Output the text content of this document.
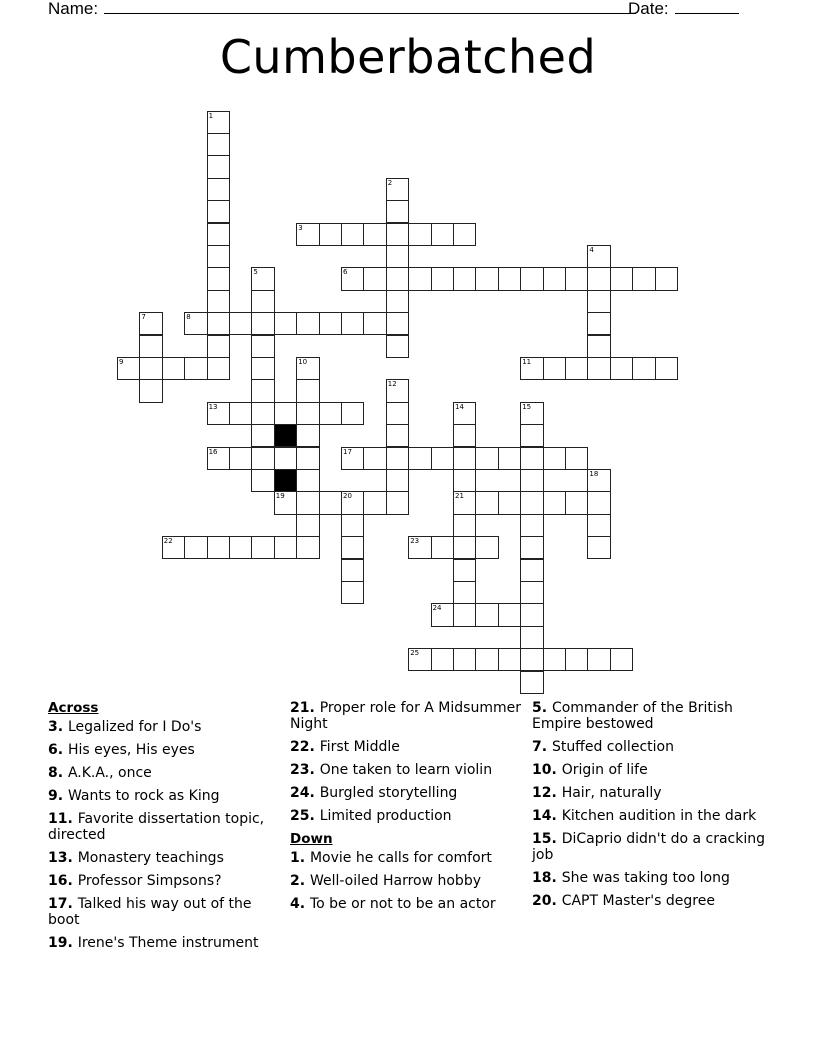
Name:	Date:
Cumberbatched
1
2
3
4
5	6
7	8
9	10	11
12
13	14
21
15
16	17
18
19	20
22	23
24
25
Across
3. Legalized for I Do's
6. His eyes, His eyes
8. A.K.A., once
9. Wants to rock as King
11. Favorite dissertation topic, directed
13. Monastery teachings
16. Professor Simpsons?
17. Talked his way out of the boot
19. Irene's Theme instrument
21. Proper role for A Midsummer Night
22. First Middle
23. One taken to learn violin
24. Burgled storytelling
25. Limited production
Down
1. Movie he calls for comfort
2. Well-oiled Harrow hobby
4. To be or not to be an actor
5. Commander of the British Empire bestowed
7. Stuffed collection
10. Origin of life
12. Hair, naturally
14. Kitchen audition in the dark
15. DiCaprio didn't do a cracking job
18. She was taking too long
20. CAPT Master's degree
